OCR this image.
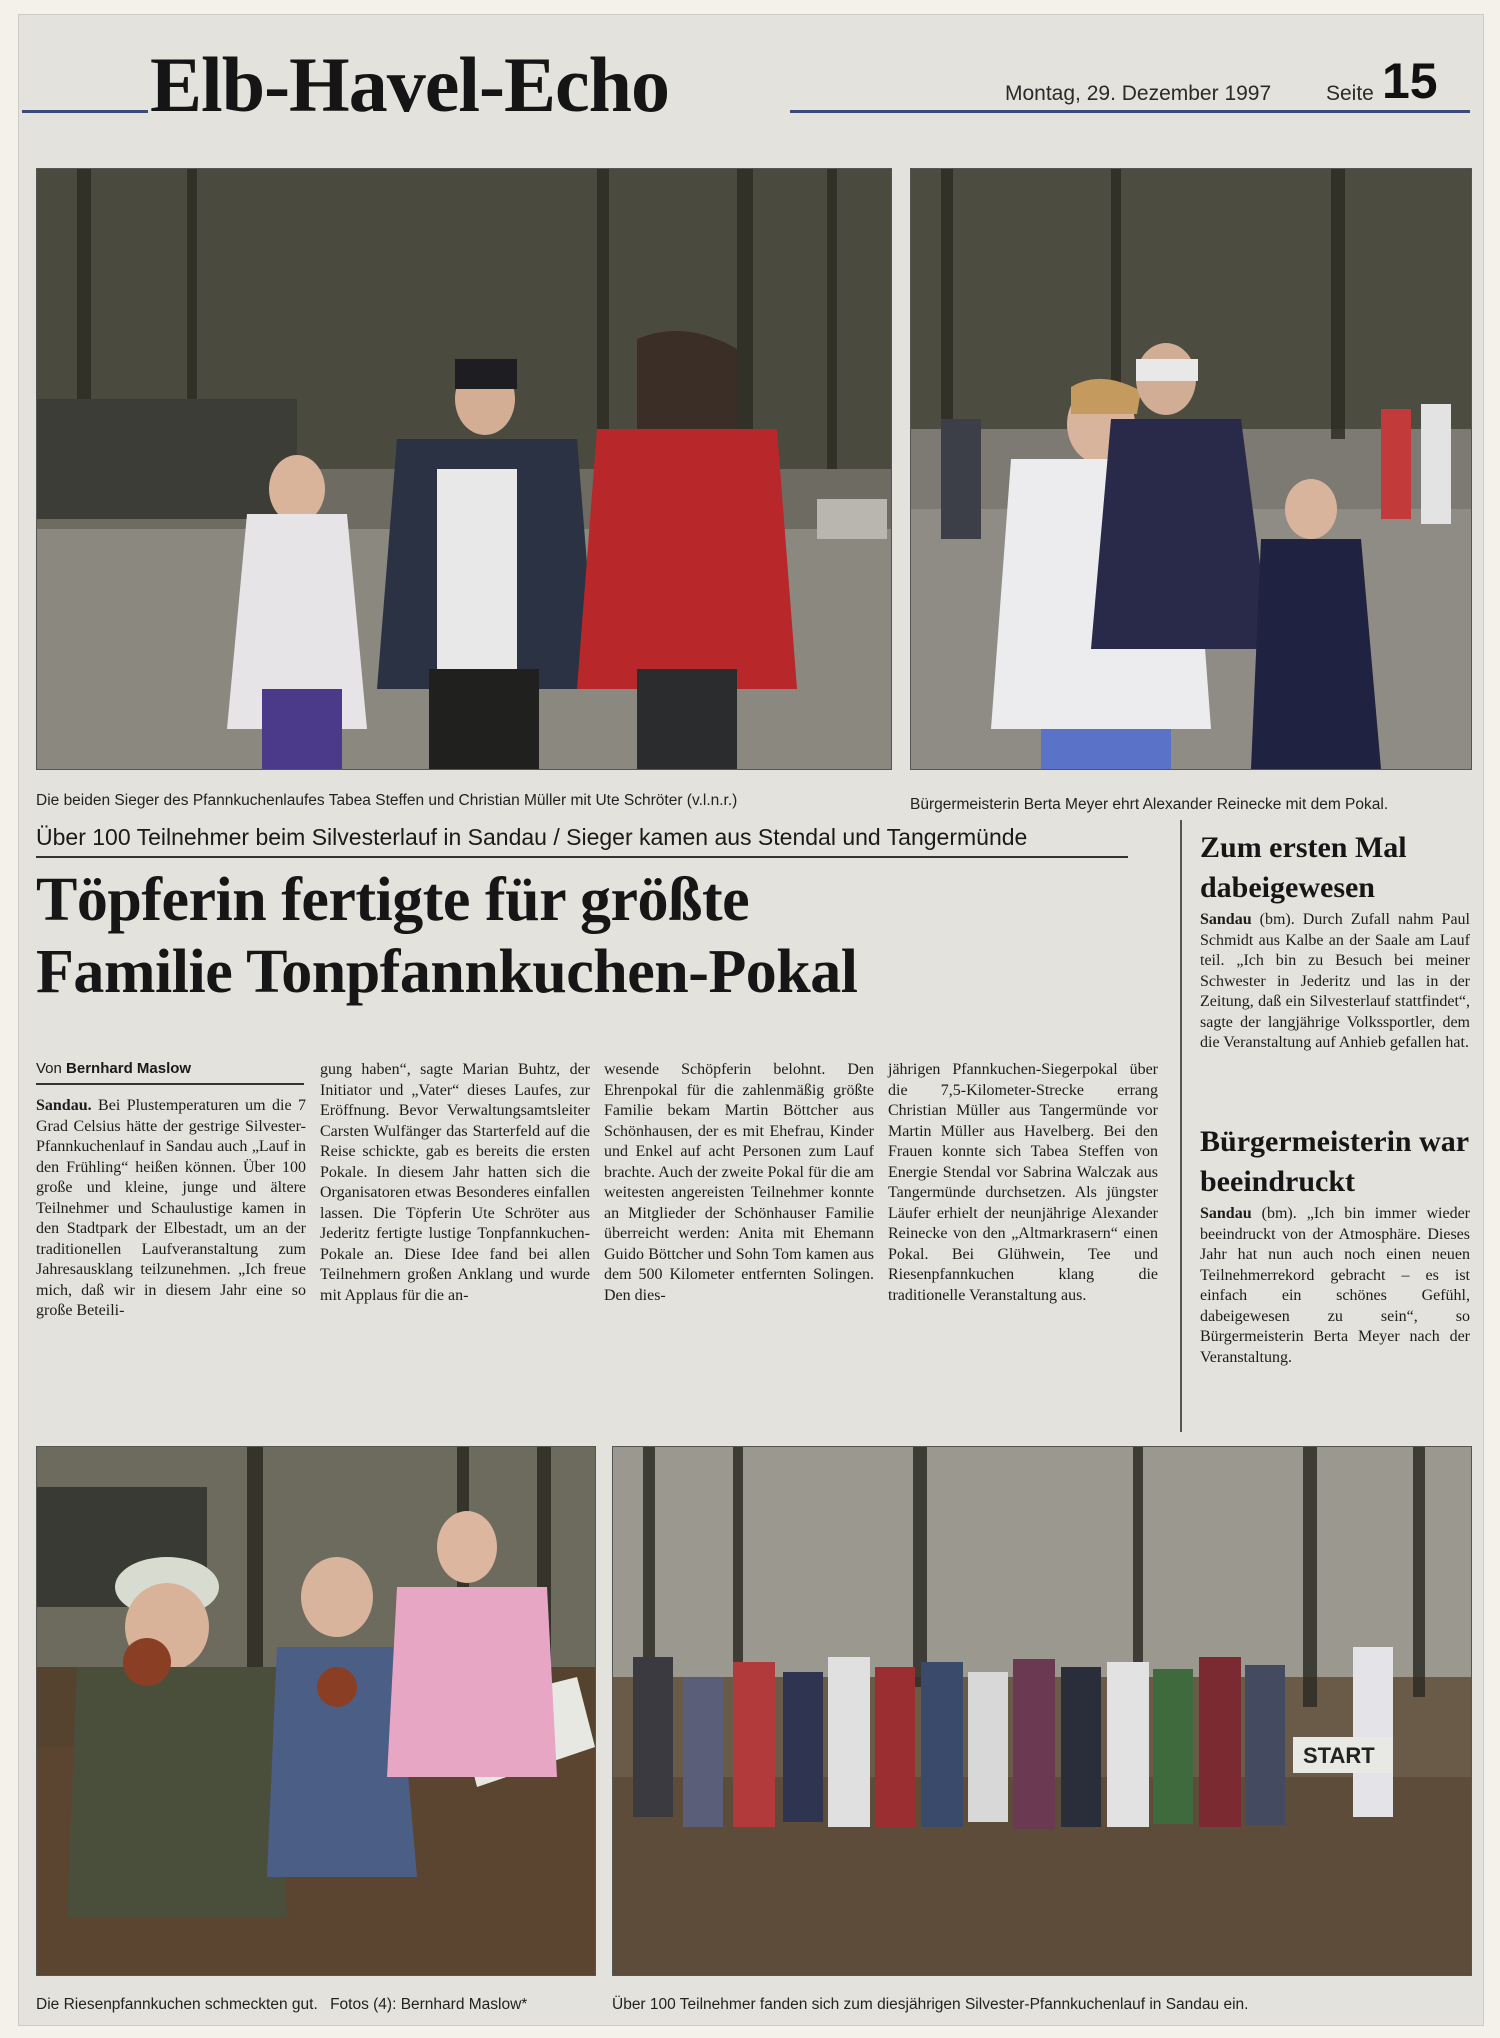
Elb-Havel-Echo	Montag, 29. Dezember 1997	Seite 15
Die beiden Sieger des Pfannkuchenlaufes Tabea Steffen und Christian Müller mit Ute Schröter (v.l.n.r.)	Bürgermeisterin Berta Meyer ehrt Alexander Reinecke mit dem Pokal.
Über 100 Teilnehmer beim Silvesterlauf in Sandau / Sieger kamen aus Stendal und Tangermünde
Töpferin fertigte für größte
Familie Tonpfannkuchen-Pokal
Von Bernhard Maslow
Sandau. Bei Plustemperaturen um die 7 Grad Celsius hätte der gestrige Silvester-Pfannkuchenlauf in Sandau auch „Lauf in den Frühling“ heißen können. Über 100 große und kleine, junge und ältere Teilnehmer und Schaulustige kamen in den Stadtpark der Elbestadt, um an der traditionellen Laufveranstaltung zum Jahresausklang teilzunehmen. „Ich freue mich, daß wir in diesem Jahr eine so große Beteili-
gung haben“, sagte Marian Buhtz, der Initiator und „Vater“ dieses Laufes, zur Eröffnung. Bevor Verwaltungsamtsleiter Carsten Wulfänger das Starterfeld auf die Reise schickte, gab es bereits die ersten Pokale. In diesem Jahr hatten sich die Organisatoren etwas Besonderes einfallen lassen. Die Töpferin Ute Schröter aus Jederitz fertigte lustige Tonpfannkuchen-Pokale an. Diese Idee fand bei allen Teilnehmern großen Anklang und wurde mit Applaus für die an-
wesende Schöpferin belohnt. Den Ehrenpokal für die zahlenmäßig größte Familie bekam Martin Böttcher aus Schönhausen, der es mit Ehefrau, Kinder und Enkel auf acht Personen zum Lauf brachte. Auch der zweite Pokal für die am weitesten angereisten Teilnehmer konnte an Mitglieder der Schönhauser Familie überreicht werden: Anita mit Ehemann Guido Böttcher und Sohn Tom kamen aus dem 500 Kilometer entfernten Solingen. Den dies-
jährigen Pfannkuchen-Siegerpokal über die 7,5-Kilometer-Strecke errang Christian Müller aus Tangermünde vor Martin Müller aus Havelberg. Bei den Frauen konnte sich Tabea Steffen von Energie Stendal vor Sabrina Walczak aus Tangermünde durchsetzen. Als jüngster Läufer erhielt der neunjährige Alexander Reinecke von den „Altmarkrasern“ einen Pokal. Bei Glühwein, Tee und Riesenpfannkuchen klang die traditionelle Veranstaltung aus.
Zum ersten Mal dabeigewesen
Sandau (bm). Durch Zufall nahm Paul Schmidt aus Kalbe an der Saale am Lauf teil. „Ich bin zu Besuch bei meiner Schwester in Jederitz und las in der Zeitung, daß ein Silvesterlauf stattfindet“, sagte der langjährige Volkssportler, dem die Veranstaltung auf Anhieb gefallen hat.
Bürgermeisterin war beeindruckt
Sandau (bm). „Ich bin immer wieder beeindruckt von der Atmosphäre. Dieses Jahr hat nun auch noch einen neuen Teilnehmerrekord gebracht – es ist einfach ein schönes Gefühl, dabeigewesen zu sein“, so Bürgermeisterin Berta Meyer nach der Veranstaltung.
Die Riesenpfannkuchen schmeckten gut. Fotos (4): Bernhard Maslow*
START
Über 100 Teilnehmer fanden sich zum diesjährigen Silvester-Pfannkuchenlauf in Sandau ein.
